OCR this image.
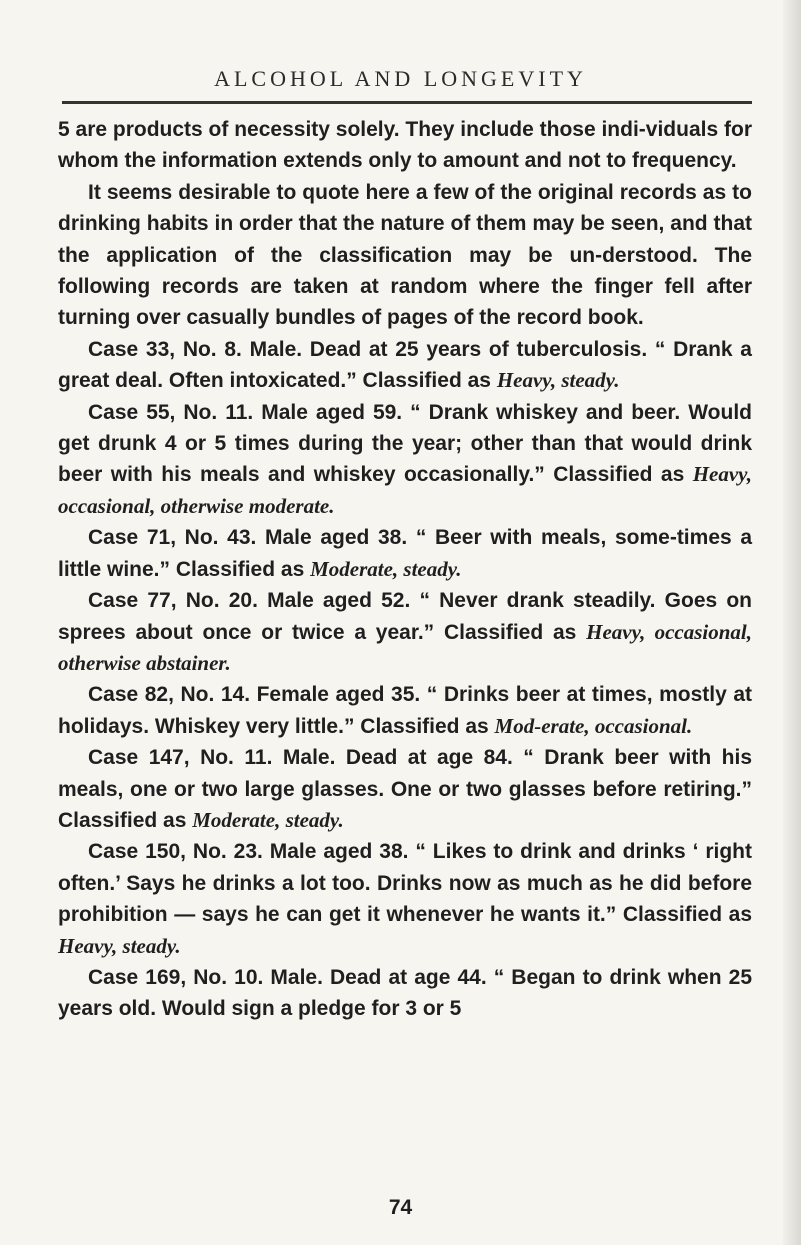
ALCOHOL AND LONGEVITY

5 are products of necessity solely. They include those indi-viduals for whom the information extends only to amount and not to frequency.

It seems desirable to quote here a few of the original records as to drinking habits in order that the nature of them may be seen, and that the application of the classification may be un-derstood. The following records are taken at random where the finger fell after turning over casually bundles of pages of the record book.

Case 33, No. 8. Male. Dead at 25 years of tuberculosis. “ Drank a great deal. Often intoxicated.” Classified as Heavy, steady.

Case 55, No. 11. Male aged 59. “ Drank whiskey and beer. Would get drunk 4 or 5 times during the year; other than that would drink beer with his meals and whiskey occasionally.” Classified as Heavy, occasional, otherwise moderate.

Case 71, No. 43. Male aged 38. “ Beer with meals, some-times a little wine.” Classified as Moderate, steady.

Case 77, No. 20. Male aged 52. “ Never drank steadily. Goes on sprees about once or twice a year.” Classified as Heavy, occasional, otherwise abstainer.

Case 82, No. 14. Female aged 35. “ Drinks beer at times, mostly at holidays. Whiskey very little.” Classified as Mod-erate, occasional.

Case 147, No. 11. Male. Dead at age 84. “ Drank beer with his meals, one or two large glasses. One or two glasses before retiring.” Classified as Moderate, steady.

Case 150, No. 23. Male aged 38. “ Likes to drink and drinks ‘ right often.’ Says he drinks a lot too. Drinks now as much as he did before prohibition — says he can get it whenever he wants it.” Classified as Heavy, steady.

Case 169, No. 10. Male. Dead at age 44. “ Began to drink when 25 years old. Would sign a pledge for 3 or 5

74
